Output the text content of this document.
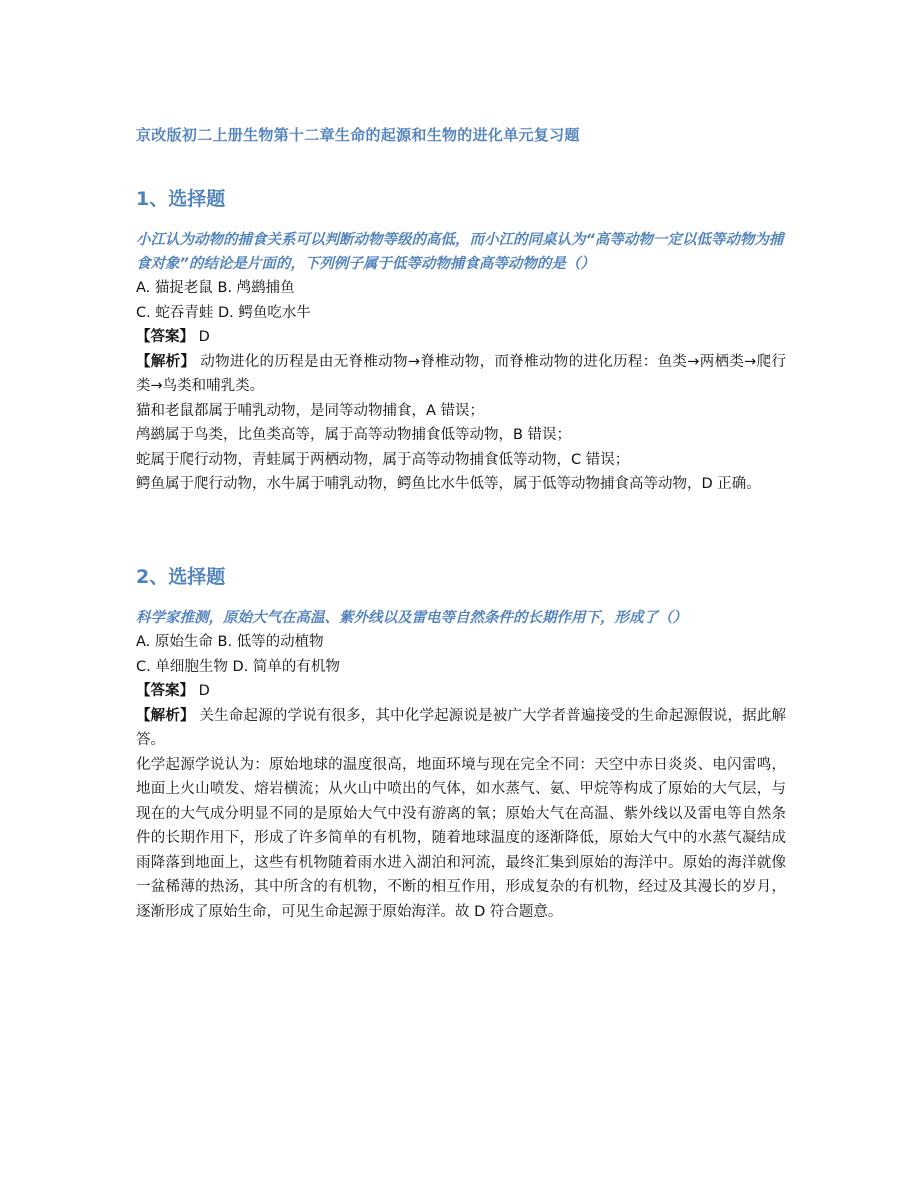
京改版初二上册生物第十二章生命的起源和生物的进化单元复习题
1、选择题

小江认为动物的捕食关系可以判断动物等级的高低，而小江的同桌认为“高等动物一定以低等动物为捕食对象”的结论是片面的，下列例子属于低等动物捕食高等动物的是（）

A. 猫捉老鼠 B. 鸬鹚捕鱼

C. 蛇吞青蛙 D. 鳄鱼吃水牛

【答案】 D

【解析】 动物进化的历程是由无脊椎动物→脊椎动物，而脊椎动物的进化历程：鱼类→两栖类→爬行类→鸟类和哺乳类。

猫和老鼠都属于哺乳动物，是同等动物捕食，A 错误；

鸬鹚属于鸟类，比鱼类高等，属于高等动物捕食低等动物，B 错误；

蛇属于爬行动物，青蛙属于两栖动物，属于高等动物捕食低等动物，C 错误；

鳄鱼属于爬行动物，水牛属于哺乳动物，鳄鱼比水牛低等，属于低等动物捕食高等动物，D 正确。

2、选择题

科学家推测，原始大气在高温、紫外线以及雷电等自然条件的长期作用下，形成了（）

A. 原始生命 B. 低等的动植物

C. 单细胞生物 D. 简单的有机物

【答案】 D

【解析】 关生命起源的学说有很多，其中化学起源说是被广大学者普遍接受的生命起源假说，据此解答。

化学起源学说认为：原始地球的温度很高，地面环境与现在完全不同：天空中赤日炎炎、电闪雷鸣，地面上火山喷发、熔岩横流；从火山中喷出的气体，如水蒸气、氨、甲烷等构成了原始的大气层，与现在的大气成分明显不同的是原始大气中没有游离的氧；原始大气在高温、紫外线以及雷电等自然条件的长期作用下，形成了许多简单的有机物，随着地球温度的逐渐降低，原始大气中的水蒸气凝结成雨降落到地面上，这些有机物随着雨水进入湖泊和河流，最终汇集到原始的海洋中。原始的海洋就像一盆稀薄的热汤，其中所含的有机物，不断的相互作用，形成复杂的有机物，经过及其漫长的岁月，逐渐形成了原始生命，可见生命起源于原始海洋。故 D 符合题意。
